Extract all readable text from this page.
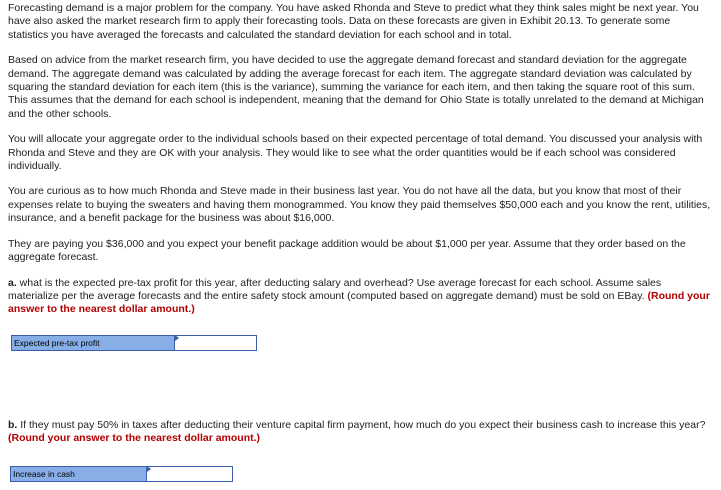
Forecasting demand is a major problem for the company. You have asked Rhonda and Steve to predict what they think sales might be next year. You have also asked the market research firm to apply their forecasting tools. Data on these forecasts are given in Exhibit 20.13. To generate some statistics you have averaged the forecasts and calculated the standard deviation for each school and in total.

Based on advice from the market research firm, you have decided to use the aggregate demand forecast and standard deviation for the aggregate demand. The aggregate demand was calculated by adding the average forecast for each item. The aggregate standard deviation was calculated by squaring the standard deviation for each item (this is the variance), summing the variance for each item, and then taking the square root of this sum. This assumes that the demand for each school is independent, meaning that the demand for Ohio State is totally unrelated to the demand at Michigan and the other schools.

You will allocate your aggregate order to the individual schools based on their expected percentage of total demand. You discussed your analysis with Rhonda and Steve and they are OK with your analysis. They would like to see what the order quantities would be if each school was considered individually.

You are curious as to how much Rhonda and Steve made in their business last year. You do not have all the data, but you know that most of their expenses relate to buying the sweaters and having them monogrammed. You know they paid themselves $50,000 each and you know the rent, utilities, insurance, and a benefit package for the business was about $16,000.

They are paying you $36,000 and you expect your benefit package addition would be about $1,000 per year. Assume that they order based on the aggregate forecast.

a. what is the expected pre-tax profit for this year, after deducting salary and overhead? Use average forecast for each school. Assume sales materialize per the average forecasts and the entire safety stock amount (computed based on aggregate demand) must be sold on EBay. (Round your answer to the nearest dollar amount.)

Expected pre-tax profit

b. If they must pay 50% in taxes after deducting their venture capital firm payment, how much do you expect their business cash to increase this year? (Round your answer to the nearest dollar amount.)

Increase in cash
